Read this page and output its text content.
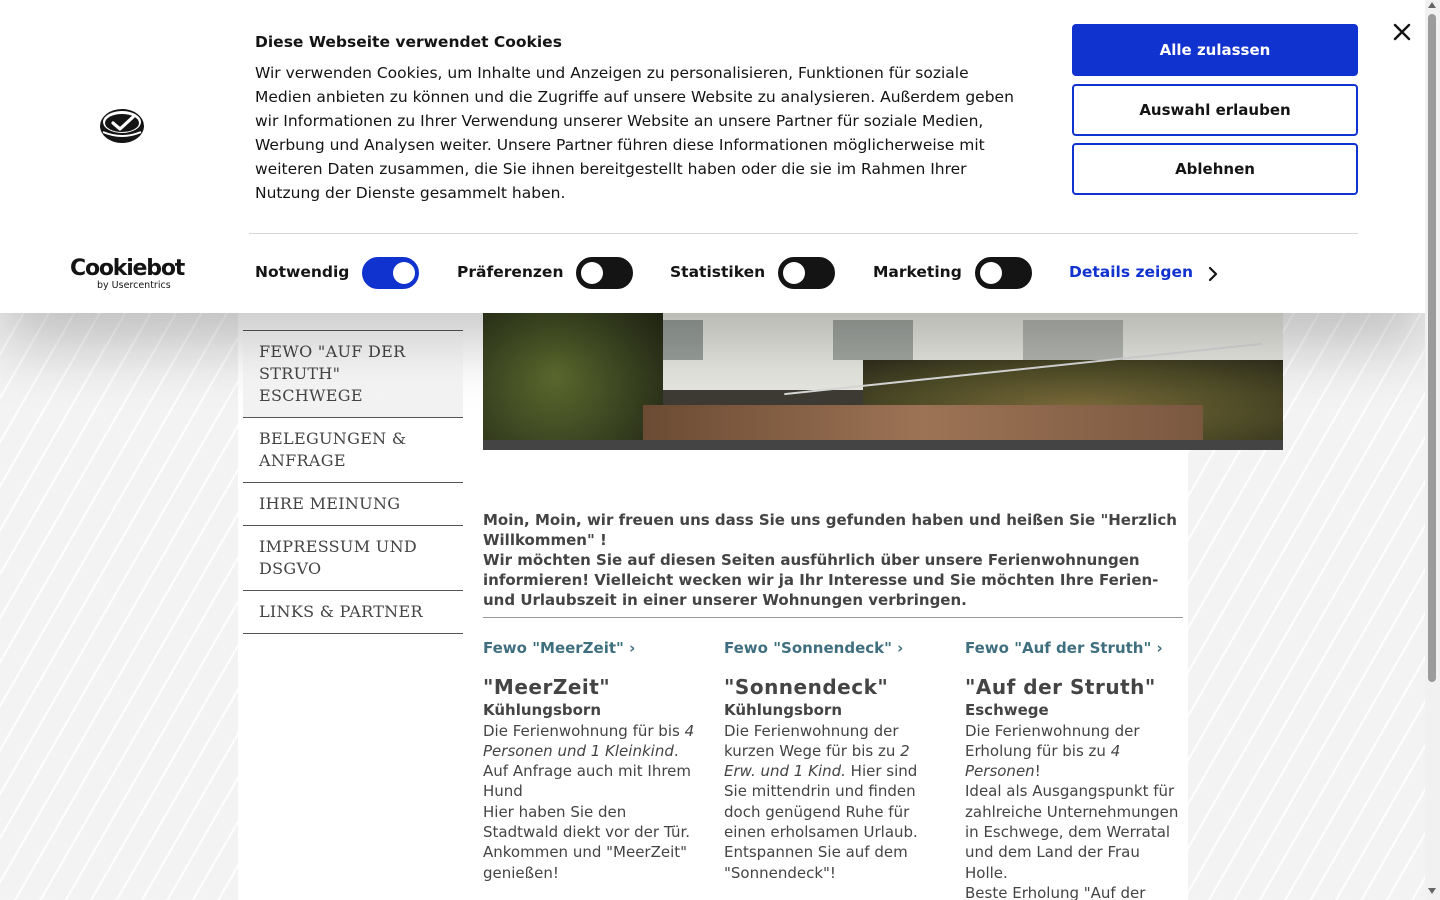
FEWO "AUF DER STRUTH" ESCHWEGE
BELEGUNGEN & ANFRAGE
IHRE MEINUNG
IMPRESSUM UND DSGVO
LINKS & PARTNER

Moin, Moin, wir freuen uns dass Sie uns gefunden haben und heißen Sie "Herzlich Willkommen" !

Wir möchten Sie auf diesen Seiten ausführlich über unsere Ferienwohnungen informieren! Vielleicht wecken wir ja Ihr Interesse und Sie möchten Ihre Ferien- und Urlaubszeit in einer unserer Wohnungen verbringen.

Fewo "MeerZeit" ›
"MeerZeit"
Kühlungsborn

Die Ferienwohnung für bis 4 Personen und 1 Kleinkind. Auf Anfrage auch mit Ihrem Hund

Hier haben Sie den Stadtwald diekt vor der Tür. Ankommen und "MeerZeit" genießen!

Fewo "Sonnendeck" ›
"Sonnendeck"
Kühlungsborn

Die Ferienwohnung der kurzen Wege für bis zu 2 Erw. und 1 Kind. Hier sind Sie mittendrin und finden doch genügend Ruhe für einen erholsamen Urlaub. Entspannen Sie auf dem "Sonnendeck"!

Fewo "Auf der Struth" ›
"Auf der Struth"
Eschwege

Die Ferienwohnung der Erholung für bis zu 4 Personen!

Ideal als Ausgangspunkt für zahlreiche Unternehmungen in Eschwege, dem Werratal und dem Land der Frau Holle.

Beste Erholung "Auf der

Diese Webseite verwendet Cookies
Wir verwenden Cookies, um Inhalte und Anzeigen zu personalisieren, Funktionen für soziale Medien anbieten zu können und die Zugriffe auf unsere Website zu analysieren. Außerdem geben wir Informationen zu Ihrer Verwendung unserer Website an unsere Partner für soziale Medien, Werbung und Analysen weiter. Unsere Partner führen diese Informationen möglicherweise mit weiteren Daten zusammen, die Sie ihnen bereitgestellt haben oder die sie im Rahmen Ihrer Nutzung der Dienste gesammelt haben.
Alle zulassen
Auswahl erlauben
Ablehnen
Cookiebot
by Usercentrics
Notwendig	Präferenzen	Statistiken	Marketing	Details zeigen
